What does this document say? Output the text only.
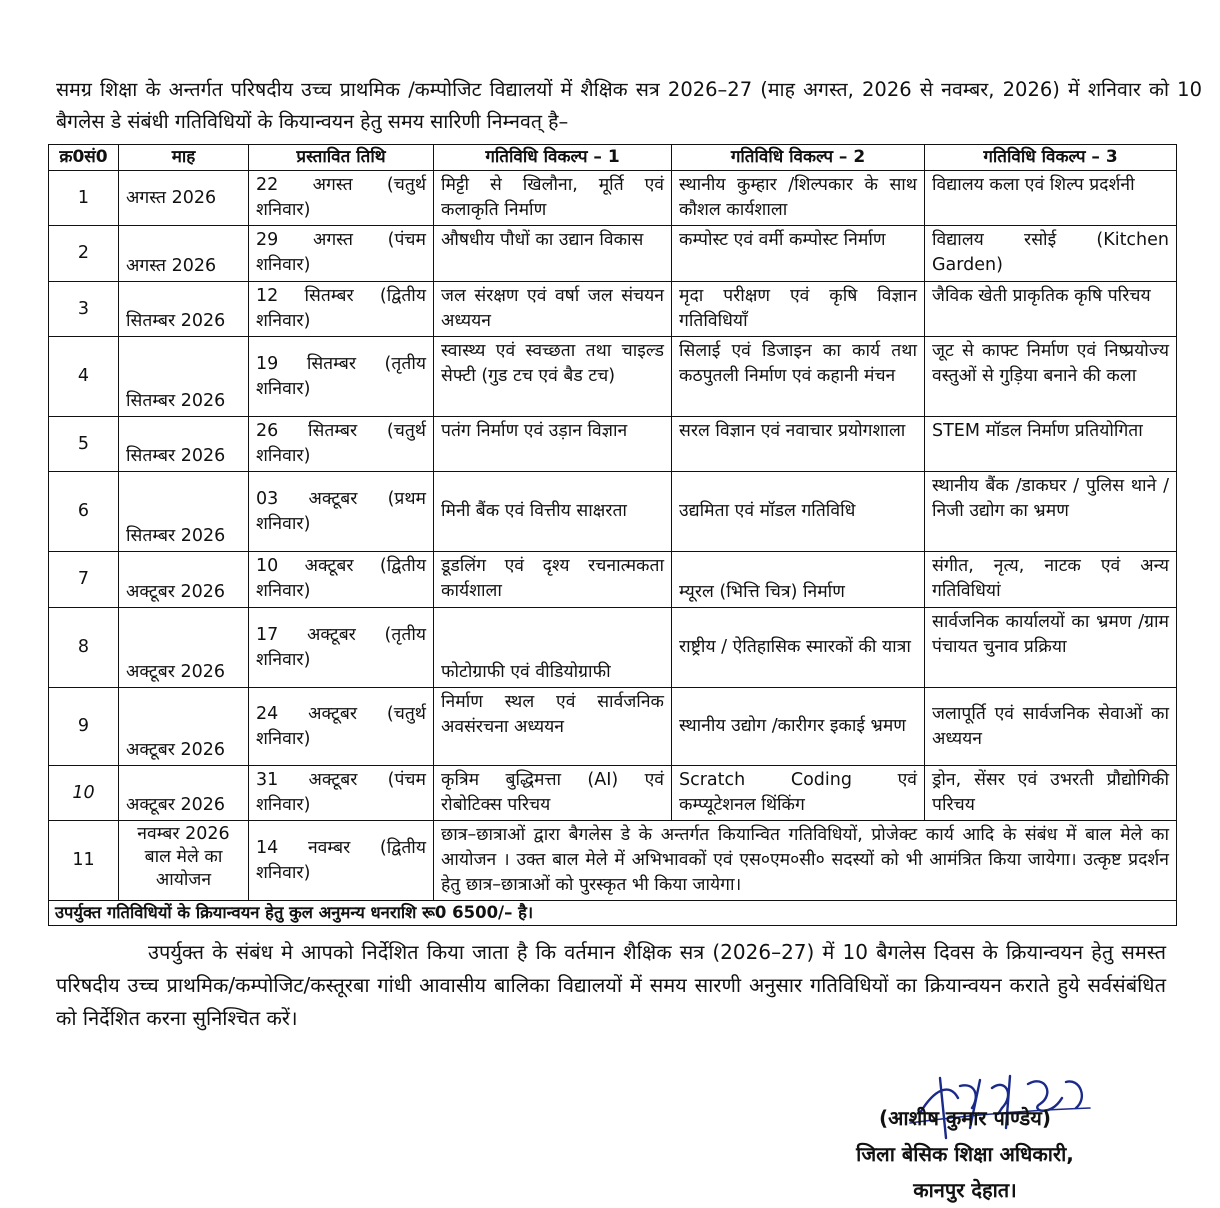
समग्र शिक्षा के अन्तर्गत परिषदीय उच्च प्राथमिक /कम्पोजिट विद्यालयों में शैक्षिक सत्र 2026–27 (माह अगस्त, 2026 से नवम्बर, 2026) में शनिवार को 10 बैगलेस डे संबंधी गतिविधियों के कियान्वयन हेतु समय सारिणी निम्नवत् है–
क्र0सं0	माह	प्रस्तावित तिथि	गतिविधि विकल्प – 1	गतिविधि विकल्प – 2	गतिविधि विकल्प – 3
1	अगस्त 2026	22 अगस्त (चतुर्थ शनिवार)	मिट्टी से खिलौना, मूर्ति एवं कलाकृति निर्माण	स्थानीय कुम्हार /शिल्पकार के साथ कौशल कार्यशाला	विद्यालय कला एवं शिल्प प्रदर्शनी
2	अगस्त 2026	29 अगस्त (पंचम शनिवार)	औषधीय पौधों का उद्यान विकास	कम्पोस्ट एवं वर्मी कम्पोस्ट निर्माण	विद्यालय रसोई (Kitchen Garden)
3	सितम्बर 2026	12 सितम्बर (द्वितीय शनिवार)	जल संरक्षण एवं वर्षा जल संचयन अध्ययन	मृदा परीक्षण एवं कृषि विज्ञान गतिविधियाँ	जैविक खेती प्राकृतिक कृषि परिचय
4	सितम्बर 2026	19 सितम्बर (तृतीय शनिवार)	स्वास्थ्य एवं स्वच्छता तथा चाइल्ड सेफ्टी (गुड टच एवं बैड टच)	सिलाई एवं डिजाइन का कार्य तथा कठपुतली निर्माण एवं कहानी मंचन	जूट से काफ्ट निर्माण एवं निष्प्रयोज्य वस्तुओं से गुड़िया बनाने की कला
5	सितम्बर 2026	26 सितम्बर (चतुर्थ शनिवार)	पतंग निर्माण एवं उड़ान विज्ञान	सरल विज्ञान एवं नवाचार प्रयोगशाला	STEM मॉडल निर्माण प्रतियोगिता
6	सितम्बर 2026	03 अक्टूबर (प्रथम शनिवार)	मिनी बैंक एवं वित्तीय साक्षरता	उद्यमिता एवं मॉडल गतिविधि	स्थानीय बैंक /डाकघर / पुलिस थाने / निजी उद्योग का भ्रमण
7	अक्टूबर 2026	10 अक्टूबर (द्वितीय शनिवार)	डूडलिंग एवं दृश्य रचनात्मकता कार्यशाला	म्यूरल (भित्ति चित्र) निर्माण	संगीत, नृत्य, नाटक एवं अन्य गतिविधियां
8	अक्टूबर 2026	17 अक्टूबर (तृतीय शनिवार)	फोटोग्राफी एवं वीडियोग्राफी	राष्ट्रीय / ऐतिहासिक स्मारकों की यात्रा	सार्वजनिक कार्यालयों का भ्रमण /ग्राम पंचायत चुनाव प्रक्रिया
9	अक्टूबर 2026	24 अक्टूबर (चतुर्थ शनिवार)	निर्माण स्थल एवं सार्वजनिक अवसंरचना अध्ययन	स्थानीय उद्योग /कारीगर इकाई भ्रमण	जलापूर्ति एवं सार्वजनिक सेवाओं का अध्ययन
10	अक्टूबर 2026	31 अक्टूबर (पंचम शनिवार)	कृत्रिम बुद्धिमत्ता (AI) एवं रोबोटिक्स परिचय	Scratch Coding एवं कम्प्यूटेशनल थिंकिंग	ड्रोन, सेंसर एवं उभरती प्रौद्योगिकी परिचय
11	नवम्बर 2026 बाल मेले का आयोजन	14 नवम्बर (द्वितीय शनिवार)	छात्र–छात्राओं द्वारा बैगलेस डे के अन्तर्गत कियान्वित गतिविधियों, प्रोजेक्ट कार्य आदि के संबंध में बाल मेले का आयोजन । उक्त बाल मेले में अभिभावकों एवं एस०एम०सी० सदस्यों को भी आमंत्रित किया जायेगा। उत्कृष्ट प्रदर्शन हेतु छात्र–छात्राओं को पुरस्कृत भी किया जायेगा।		
उपर्युक्त गतिविधियों के क्रियान्वयन हेतु कुल अनुमन्य धनराशि रू0 6500/– है।					
उपर्युक्त के संबंध मे आपको निर्देशित किया जाता है कि वर्तमान शैक्षिक सत्र (2026–27) में 10 बैगलेस दिवस के क्रियान्वयन हेतु समस्त परिषदीय उच्च प्राथमिक/कम्पोजिट/कस्तूरबा गांधी आवासीय बालिका विद्यालयों में समय सारणी अनुसार गतिविधियों का क्रियान्वयन कराते हुये सर्वसंबंधित को निर्देशित करना सुनिश्चित करें।
(आशीष कुमार पाण्डेय)
जिला बेसिक शिक्षा अधिकारी,
कानपुर देहात।
